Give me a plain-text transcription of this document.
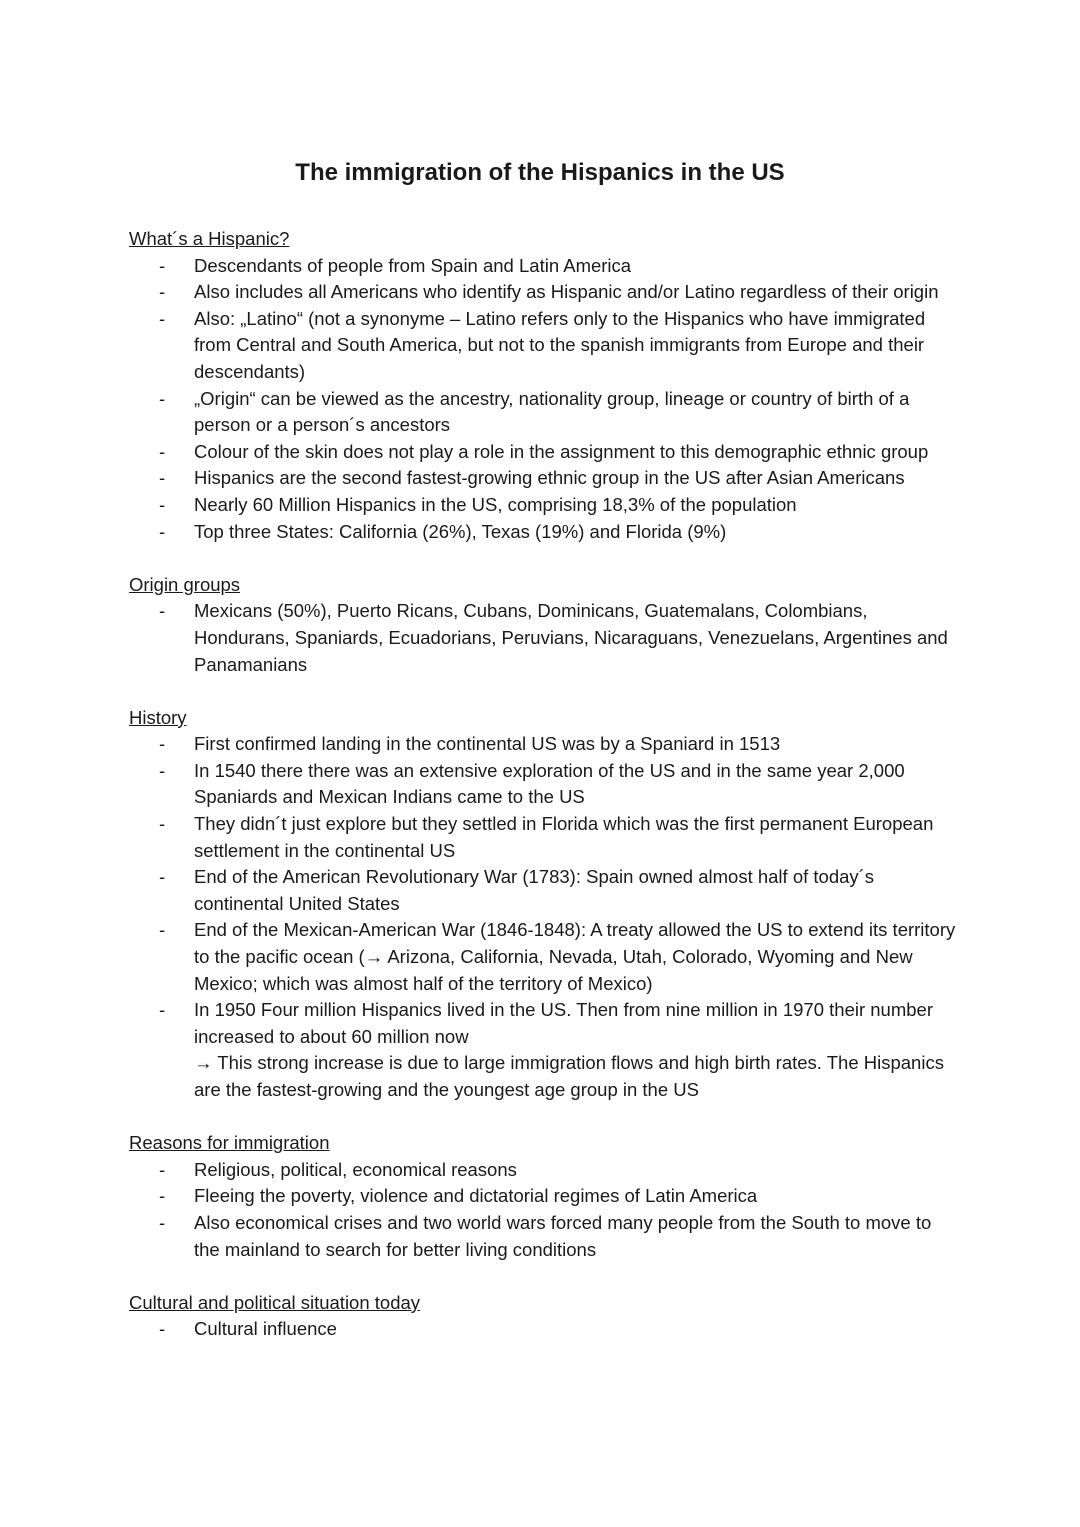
The immigration of the Hispanics in the US
What´s a Hispanic?
- Descendants of people from Spain and Latin America
- Also includes all Americans who identify as Hispanic and/or Latino regardless of their origin
- Also: „Latino“ (not a synonyme – Latino refers only to the Hispanics who have immigrated from Central and South America, but not to the spanish immigrants from Europe and their descendants)
- „Origin“ can be viewed as the ancestry, nationality group, lineage or country of birth of a person or a person´s ancestors
- Colour of the skin does not play a role in the assignment to this demographic ethnic group
- Hispanics are the second fastest-growing ethnic group in the US after Asian Americans
- Nearly 60 Million Hispanics in the US, comprising 18,3% of the population
- Top three States: California (26%), Texas (19%) and Florida (9%)
Origin groups
- Mexicans (50%), Puerto Ricans, Cubans, Dominicans, Guatemalans, Colombians, Hondurans, Spaniards, Ecuadorians, Peruvians, Nicaraguans, Venezuelans, Argentines and Panamanians
History
- First confirmed landing in the continental US was by a Spaniard in 1513
- In 1540 there there was an extensive exploration of the US and in the same year 2,000 Spaniards and Mexican Indians came to the US
- They didn´t just explore but they settled in Florida which was the first permanent European settlement in the continental US
- End of the American Revolutionary War (1783): Spain owned almost half of today´s continental United States
- End of the Mexican-American War (1846-1848): A treaty allowed the US to extend its territory to the pacific ocean (→ Arizona, California, Nevada, Utah, Colorado, Wyoming and New Mexico; which was almost half of the territory of Mexico)
- In 1950 Four million Hispanics lived in the US. Then from nine million in 1970 their number increased to about 60 million now
→ This strong increase is due to large immigration flows and high birth rates. The Hispanics are the fastest-growing and the youngest age group in the US
Reasons for immigration
- Religious, political, economical reasons
- Fleeing the poverty, violence and dictatorial regimes of Latin America
- Also economical crises and two world wars forced many people from the South to move to the mainland to search for better living conditions
Cultural and political situation today
- Cultural influence
